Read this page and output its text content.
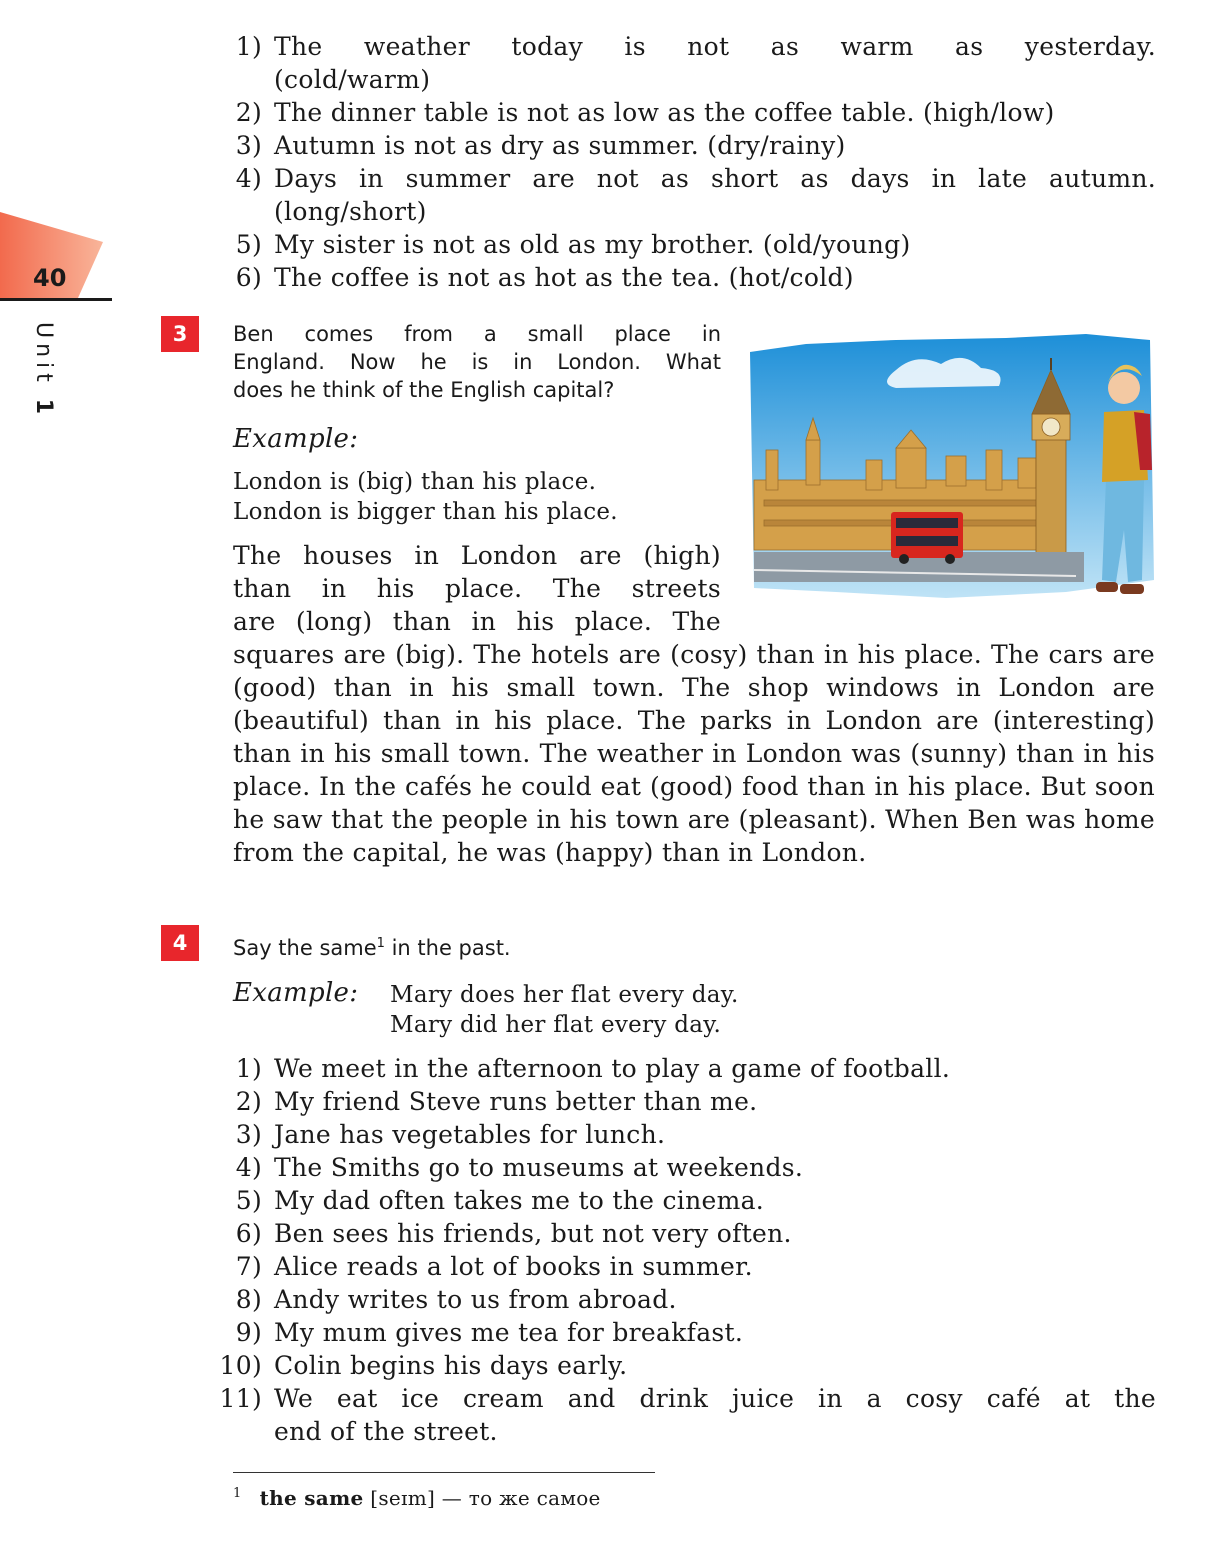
40
Unit 1
1) The weather today is not as warm as yesterday.
(cold/warm)
2) The dinner table is not as low as the coffee table. (high/low)
3) Autumn is not as dry as summer. (dry/rainy)
4) Days in summer are not as short as days in late autumn.
(long/short)
5) My sister is not as old as my brother. (old/young)
6) The coffee is not as hot as the tea. (hot/cold)
3	Ben comes from a small place in
England. Now he is in London. What
does he think of the English capital?
Example:
London is (big) than his place.
London is bigger than his place.
The houses in London are (high)
than in his place. The streets
are (long) than in his place. The
squares are (big). The hotels are (cosy) than in his place. The cars are (good) than in his small town. The shop windows in London are (beautiful) than in his place. The parks in London are (interesting) than in his small town. The weather in London was (sunny) than in his place. In the cafés he could eat (good) food than in his place. But soon he saw that the people in his town are (pleasant). When Ben was home from the capital, he was (happy) than in London.
4	Say the same$^1$ in the past.
Example: Mary does her flat every day.
Mary did her flat every day.
1) We meet in the afternoon to play a game of football.
2) My friend Steve runs better than me.
3) Jane has vegetables for lunch.
4) The Smiths go to museums at weekends.
5) My dad often takes me to the cinema.
6) Ben sees his friends, but not very often.
7) Alice reads a lot of books in summer.
8) Andy writes to us from abroad.
9) My mum gives me tea for breakfast.
10) Colin begins his days early.
11) We eat ice cream and drink juice in a cosy café at the
end of the street.
$^1$ the same [seɪm] — то же самое
